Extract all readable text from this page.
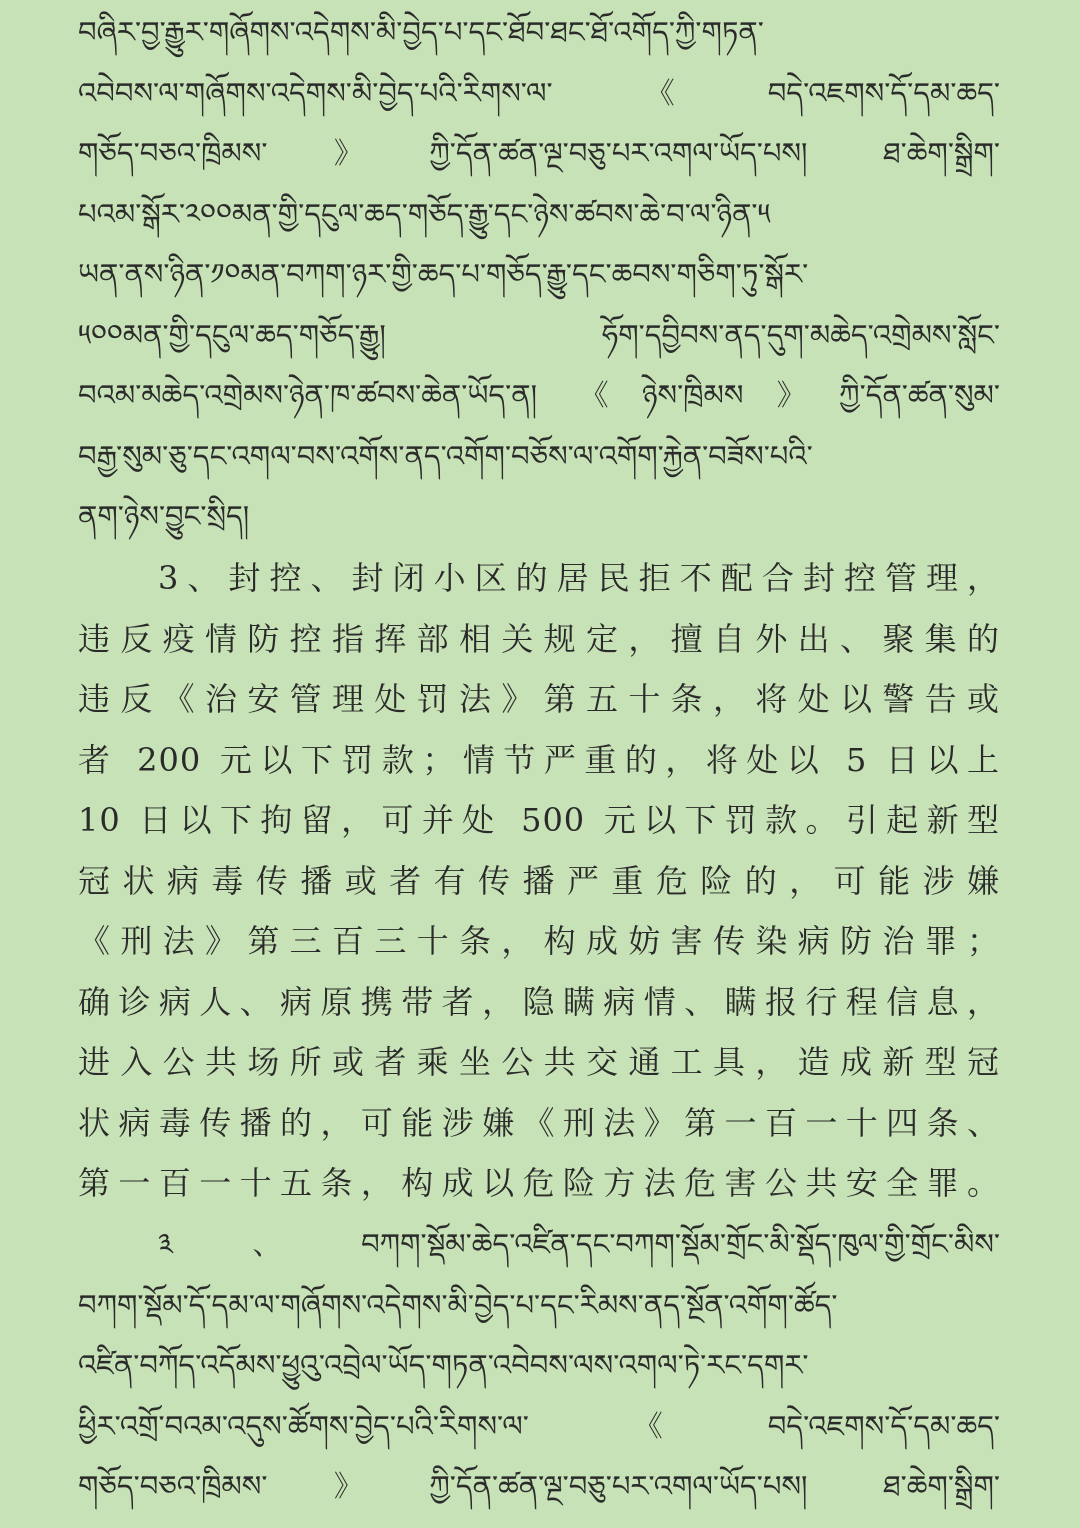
བཞིར་བྱ་རྒྱུར་གཞོགས་འདེགས་མི་བྱེད་པ་དང་ཐོབ་ཐང་ཐོ་འགོད་ཀྱི་གཏན་
འབེབས་ལ་གཞོགས་འདེགས་མི་བྱེད་པའི་རིགས་ལ་《བདེ་འཇགས་དོ་དམ་ཆད་
གཅོད་བཅའ་ཁྲིམས་》ཀྱི་དོན་ཚན་ལྔ་བཅུ་པར་འགལ་ཡོད་པས། ཐ་ཆེག་སྒྲིག་
པའམ་སྒོར་༢༠༠མན་གྱི་དངུལ་ཆད་གཅོད་རྒྱུ་དང་ཉེས་ཚབས་ཆེ་བ་ལ་ཉིན་༥
ཡན་ནས་ཉིན་༡༠མན་བཀག་ཉར་གྱི་ཆད་པ་གཅོད་རྒྱུ་དང་ཆབས་གཅིག་ཏུ་སྒོར་
༥༠༠མན་གྱི་དངུལ་ཆད་གཅོད་རྒྱུ། ཧོག་དབྱིབས་ནད་དུག་མཆེད་འགྲེམས་སློང་
བའམ་མཆེད་འགྲེམས་ཉེན་ཁ་ཚབས་ཆེན་ཡོད་ན། 《ཉེས་ཁྲིམས》ཀྱི་དོན་ཚན་སུམ་
བརྒྱ་སུམ་ཅུ་དང་འགལ་བས་འགོས་ནད་འགོག་བཅོས་ལ་འགོག་རྐྱེན་བཟོས་པའི་
ནག་ཉེས་བྱུང་སྲིད།
3、封控、封闭小区的居民拒不配合封控管理，
违反疫情防控指挥部相关规定，擅自外出、聚集的
违反《治安管理处罚法》第五十条，将处以警告或
者 200 元以下罚款；情节严重的，将处以 5 日以上
10 日以下拘留，可并处 500 元以下罚款。引起新型
冠状病毒传播或者有传播严重危险的，可能涉嫌
《刑法》第三百三十条，构成妨害传染病防治罪；
确诊病人、病原携带者，隐瞒病情、瞒报行程信息，
进入公共场所或者乘坐公共交通工具，造成新型冠
状病毒传播的，可能涉嫌《刑法》第一百一十四条、
第一百一十五条，构成以危险方法危害公共安全罪。
༣、བཀག་སྡོམ་ཆེད་འཛིན་དང་བཀག་སྡོམ་གྲོང་མི་སྡོད་ཁུལ་གྱི་གྲོང་མིས་
བཀག་སྡོམ་དོ་དམ་ལ་གཞོགས་འདེགས་མི་བྱེད་པ་དང་རིམས་ནད་སྔོན་འགོག་ཚོད་
འཛིན་བཀོད་འདོམས་ཕྱུའུ་འབྲེལ་ཡོད་གཏན་འབེབས་ལས་འགལ་ཏེ་རང་དགར་
ཕྱིར་འགྲོ་བའམ་འདུས་ཚོགས་བྱེད་པའི་རིགས་ལ་《བདེ་འཇགས་དོ་དམ་ཆད་
གཅོད་བཅའ་ཁྲིམས་》ཀྱི་དོན་ཚན་ལྔ་བཅུ་པར་འགལ་ཡོད་པས། ཐ་ཆེག་སྒྲིག་
